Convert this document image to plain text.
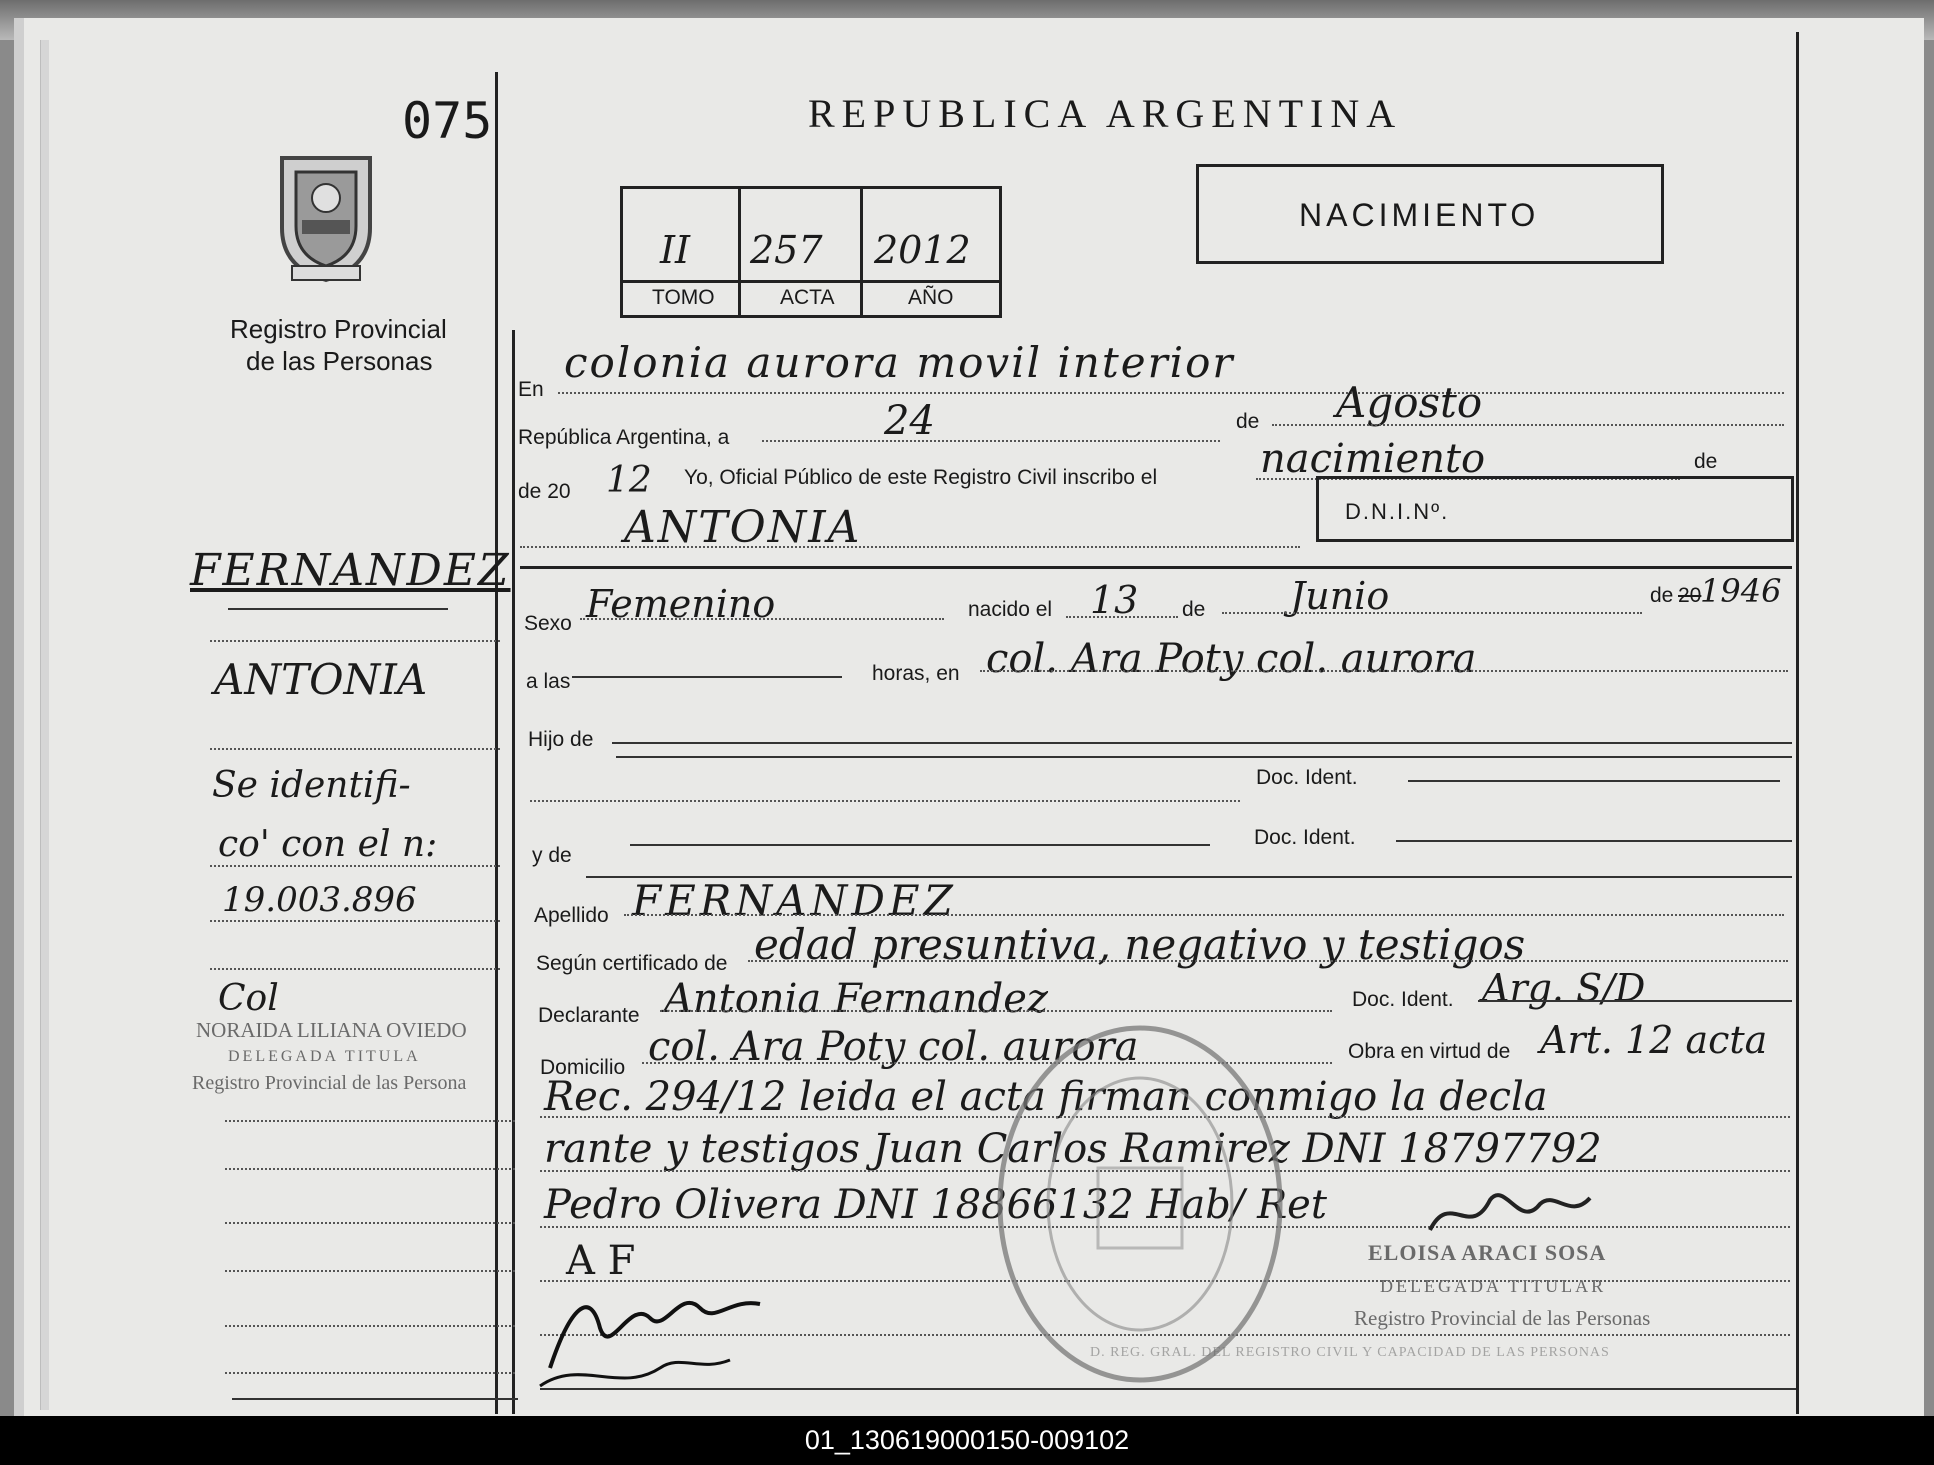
075
Registro Provincial
de las Personas
FERNANDEZ
ANTONIA
Se identifi-
co' con el n:
19.003.896
Col
NORAIDA LILIANA OVIEDO
DELEGADA TITULA
Registro Provincial de las Persona
REPUBLICA ARGENTINA
II 257 2012
TOMO	ACTA	AÑO
NACIMIENTO
En
colonia aurora movil interior
República Argentina, a	24	de Agosto
de 20 12 Yo, Oficial Público de este Registro Civil inscribo el	nacimiento	de
ANTONIA	D.N.I.Nº.
Sexo Femenino	nacido el 13 de Junio	de 20
1946
a las	horas, en col. Ara Poty col. aurora
Hijo de
Doc. Ident.
y de
Doc. Ident.
Apellido FERNANDEZ
Según certificado de edad presuntiva, negativo y testigos
Declarante Antonia Fernandez	Doc. Ident. Arg. S/D
Domicilio col. Ara Poty col. aurora	Obra en virtud de Art. 12 acta
Rec. 294/12 leida el acta firman conmigo la decla
rante y testigos Juan Carlos Ramirez DNI 18797792
Pedro Olivera DNI 18866132 Hab/ Ret
A F	ELOISA ARACI SOSA
DELEGADA TITULAR
Registro Provincial de las Personas
D. REG. GRAL. DEL REGISTRO CIVIL Y CAPACIDAD DE LAS PERSONAS
01_130619000150-009102
